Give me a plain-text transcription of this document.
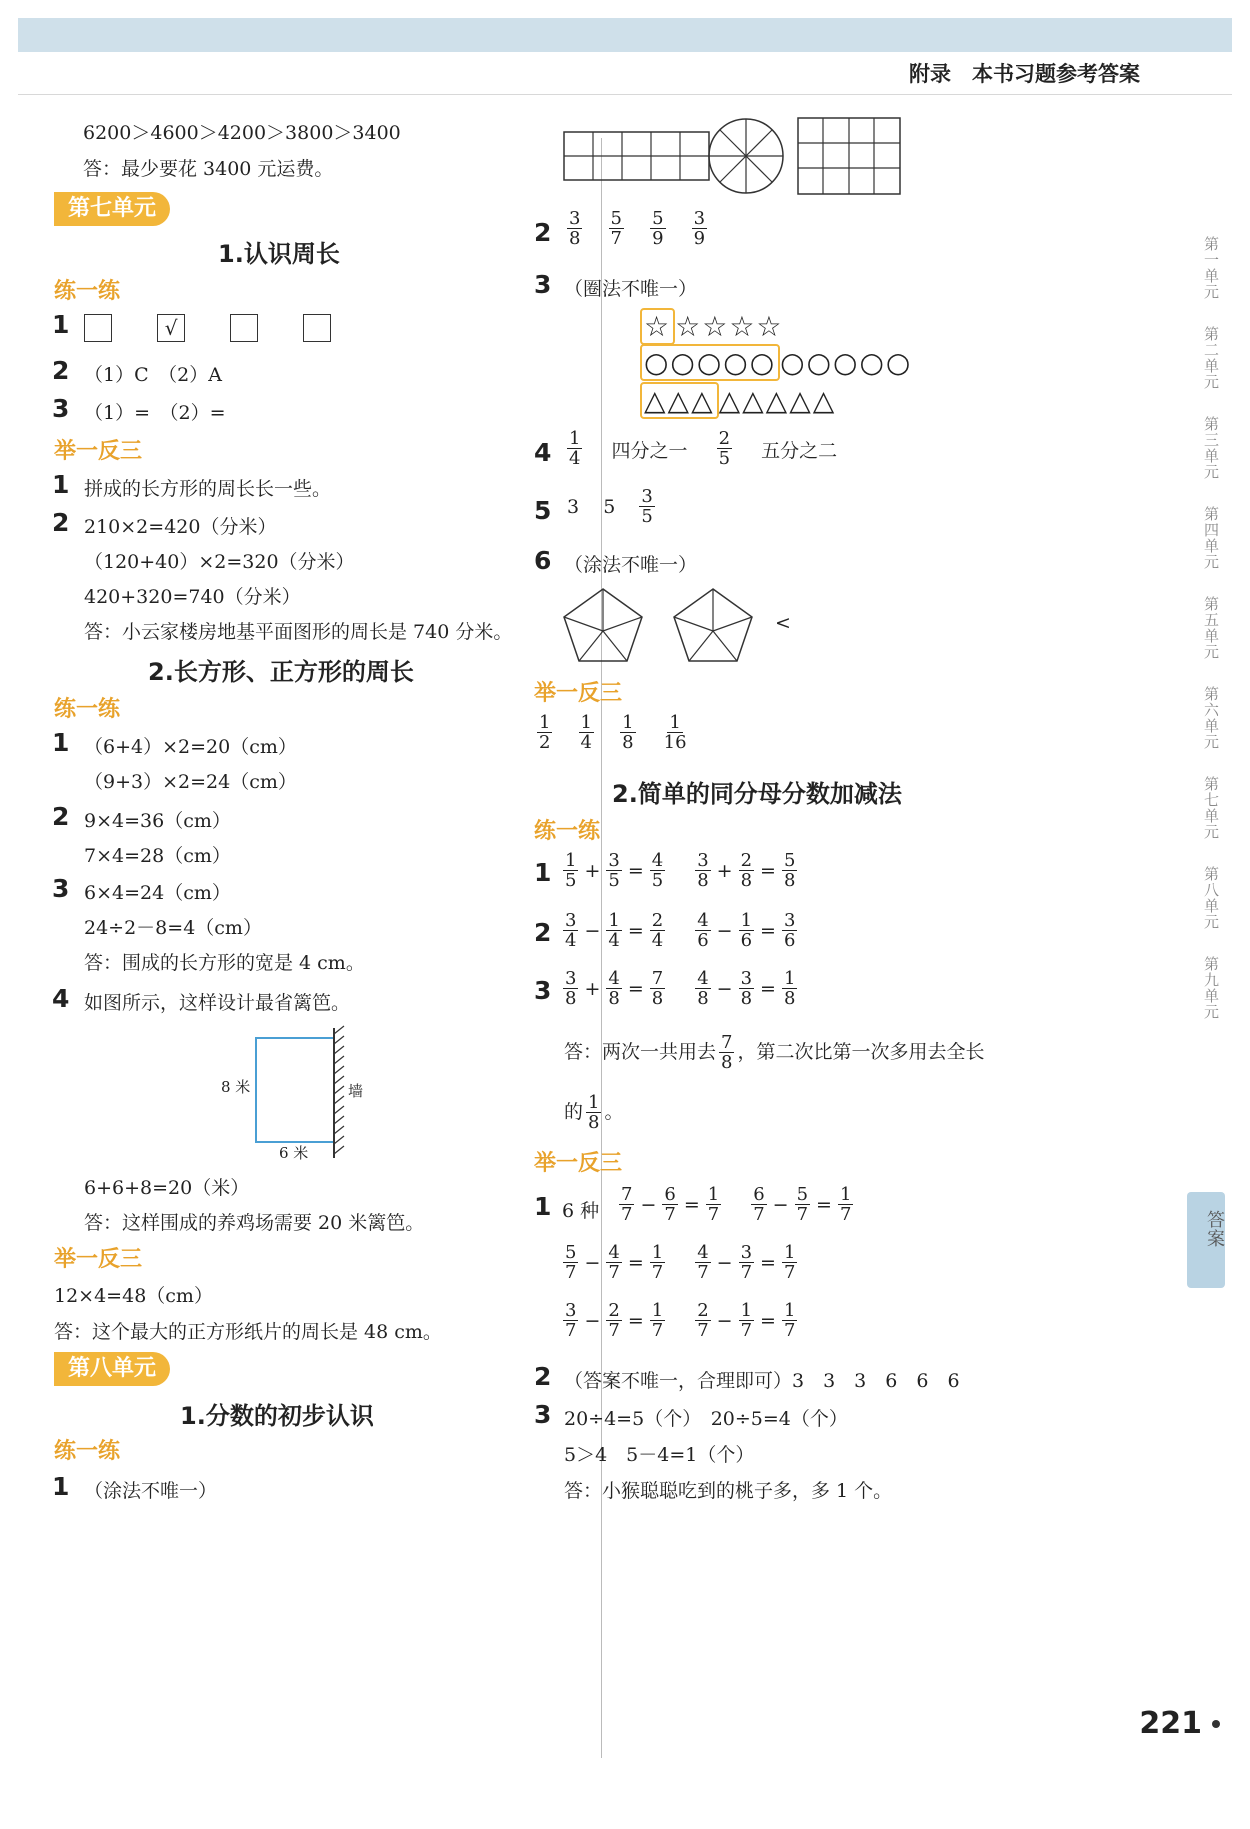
附录　本书习题参考答案
6200＞4600＞4200＞3800＞3400
答：最少要花 3400 元运费。
第七单元
1.认识周长
练一练
1	√
2 （1）C　（2）A
3 （1）=　（2）=
举一反三
1 拼成的长方形的周长长一些。
2 210×2=420（分米）
（120+40）×2=320（分米）
420+320=740（分米）
答：小云家楼房地基平面图形的周长是 740 分米。
2.长方形、正方形的周长
练一练
1 （6+4）×2=20（cm）
（9+3）×2=24（cm）
2 9×4=36（cm）
7×4=28（cm）
3 6×4=24（cm）
24÷2－8=4（cm）
答：围成的长方形的宽是 4 cm。
4 如图所示，这样设计最省篱笆。
8 米
6 米
墙
6+6+8=20（米）
答：这样围成的养鸡场需要 20 米篱笆。
举一反三
12×4=48（cm）
答：这个最大的正方形纸片的周长是 48 cm。
第八单元
1.分数的初步认识
练一练
1 （涂法不唯一）
$2 \frac{3}{8}$
$\frac{5}{7}$
$\frac{5}{9}$
$\frac{3}{9}$
3 （圈法不唯一）
☆ ☆☆☆☆
○○○○○ ○○○○○
△△△ △△△△△
$4 \frac{1}{4}$ 四分之一 $\frac{2}{5}$ 五分之二
5 3 $5 \frac{3}{5}$
6 （涂法不唯一）
<
举一反三
$\frac{1}{2}$
$\frac{1}{4}$
$\frac{1}{8}$
$\frac{1}{16}$
2.简单的同分母分数加减法
练一练
$1 \frac{1}{5} + \frac{3}{5} = \frac{4}{5} \frac{3}{8} + \frac{2}{8} = \frac{5}{8}$
$2 \frac{3}{4} - \frac{1}{4} = \frac{2}{4} \frac{4}{6} - \frac{1}{6} = \frac{3}{6}$
$3 \frac{3}{8} + \frac{4}{8} = \frac{7}{8} \frac{4}{8} - \frac{3}{8} = \frac{1}{8}$
答：两次一共用去 $\frac{7}{8}$ ，第二次比第一次多用去全长
的 $\frac{1}{8}$ 。
举一反三
1 6 种 $\frac{7}{7} - \frac{6}{7} = \frac{1}{7} \frac{6}{7} - \frac{5}{7} = \frac{1}{7}$
$\frac{5}{7} - \frac{4}{7} = \frac{1}{7} \frac{4}{7} - \frac{3}{7} = \frac{1}{7}$
$\frac{3}{7} - \frac{2}{7} = \frac{1}{7} \frac{2}{7} - \frac{1}{7} = \frac{1}{7}$
2 （答案不唯一，合理即可）3　3　3　6　6　6
3 20÷4=5（个）　20÷5=4（个）
5＞4　5－4=1（个）
答：小猴聪聪吃到的桃子多，多 1 个。
第一单元
第二单元
第三单元
第四单元
第五单元
第六单元
第七单元
第八单元
第九单元
答案
221
